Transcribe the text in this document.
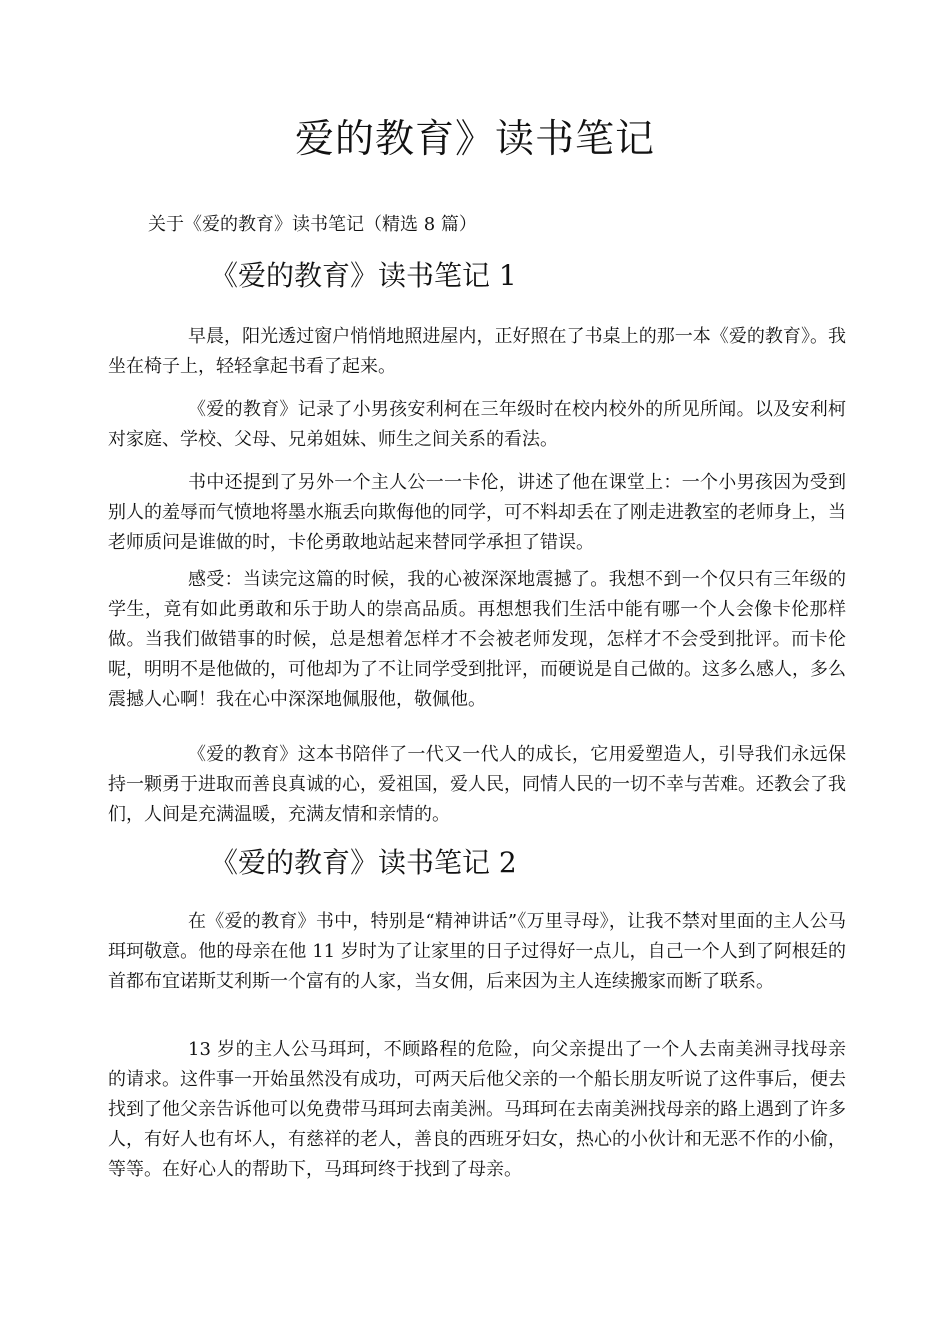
爱的教育》读书笔记

关于《爱的教育》读书笔记（精选 8 篇）

《爱的教育》读书笔记 1

早晨，阳光透过窗户悄悄地照进屋内，正好照在了书桌上的那一本《爱的教育》。我坐在椅子上，轻轻拿起书看了起来。

《爱的教育》记录了小男孩安利柯在三年级时在校内校外的所见所闻。以及安利柯对家庭、学校、父母、兄弟姐妹、师生之间关系的看法。

书中还提到了另外一个主人公一一卡伦，讲述了他在课堂上：一个小男孩因为受到别人的羞辱而气愤地将墨水瓶丢向欺侮他的同学，可不料却丢在了刚走进教室的老师身上，当老师质问是谁做的时，卡伦勇敢地站起来替同学承担了错误。

感受：当读完这篇的时候，我的心被深深地震撼了。我想不到一个仅只有三年级的学生，竟有如此勇敢和乐于助人的崇高品质。再想想我们生活中能有哪一个人会像卡伦那样做。当我们做错事的时候，总是想着怎样才不会被老师发现，怎样才不会受到批评。而卡伦呢，明明不是他做的，可他却为了不让同学受到批评，而硬说是自己做的。这多么感人，多么震撼人心啊！我在心中深深地佩服他，敬佩他。

《爱的教育》这本书陪伴了一代又一代人的成长，它用爱塑造人，引导我们永远保持一颗勇于进取而善良真诚的心，爱祖国，爱人民，同情人民的一切不幸与苦难。还教会了我们，人间是充满温暖，充满友情和亲情的。

《爱的教育》读书笔记 2

在《爱的教育》书中，特别是“精神讲话”《万里寻母》，让我不禁对里面的主人公马珥珂敬意。他的母亲在他 11 岁时为了让家里的日子过得好一点儿，自己一个人到了阿根廷的首都布宜诺斯艾利斯一个富有的人家，当女佣，后来因为主人连续搬家而断了联系。

13 岁的主人公马珥珂，不顾路程的危险，向父亲提出了一个人去南美洲寻找母亲的请求。这件事一开始虽然没有成功，可两天后他父亲的一个船长朋友听说了这件事后，便去找到了他父亲告诉他可以免费带马珥珂去南美洲。马珥珂在去南美洲找母亲的路上遇到了许多人，有好人也有坏人，有慈祥的老人，善良的西班牙妇女，热心的小伙计和无恶不作的小偷，等等。在好心人的帮助下，马珥珂终于找到了母亲。
